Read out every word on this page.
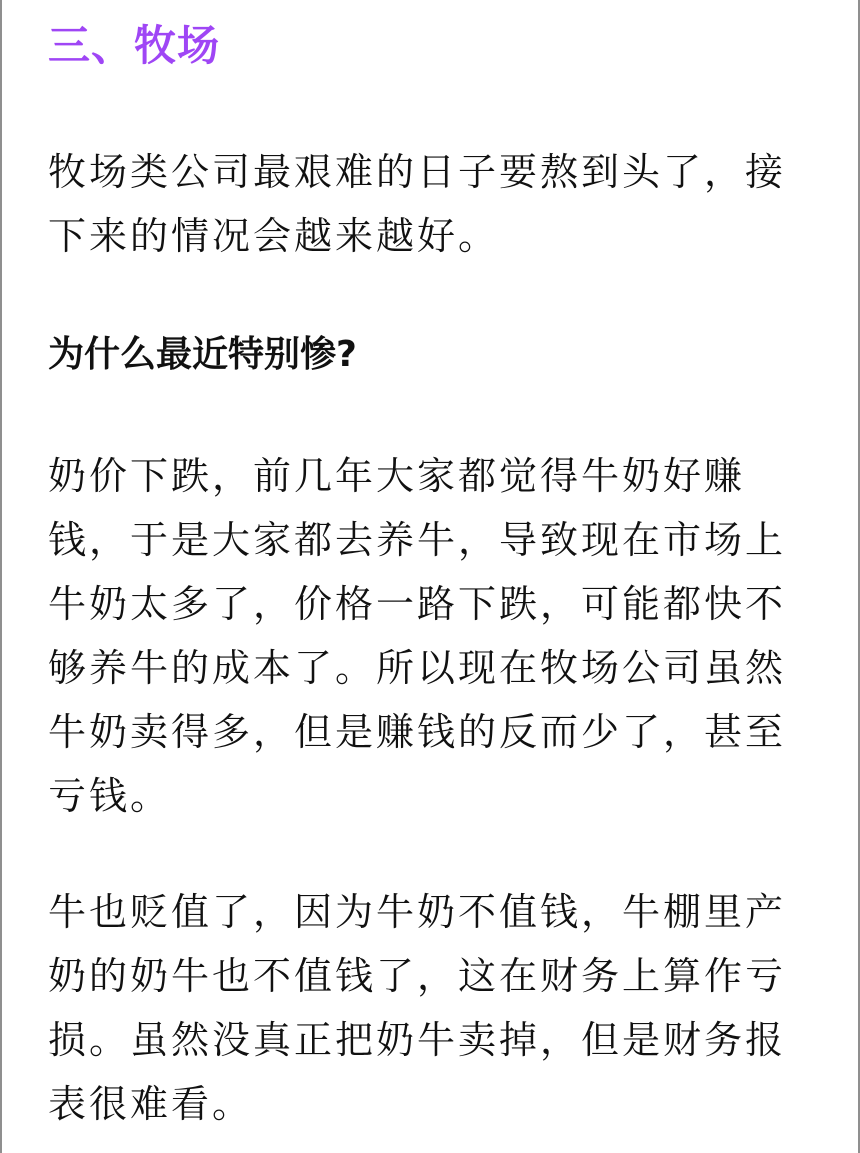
三、牧场

牧场类公司最艰难的日子要熬到头了，接下来的情况会越来越好。

为什么最近特别惨?

奶价下跌，前几年大家都觉得牛奶好赚钱，于是大家都去养牛，导致现在市场上牛奶太多了，价格一路下跌，可能都快不够养牛的成本了。所以现在牧场公司虽然牛奶卖得多，但是赚钱的反而少了，甚至亏钱。

牛也贬值了，因为牛奶不值钱，牛棚里产奶的奶牛也不值钱了，这在财务上算作亏损。虽然没真正把奶牛卖掉，但是财务报表很难看。
